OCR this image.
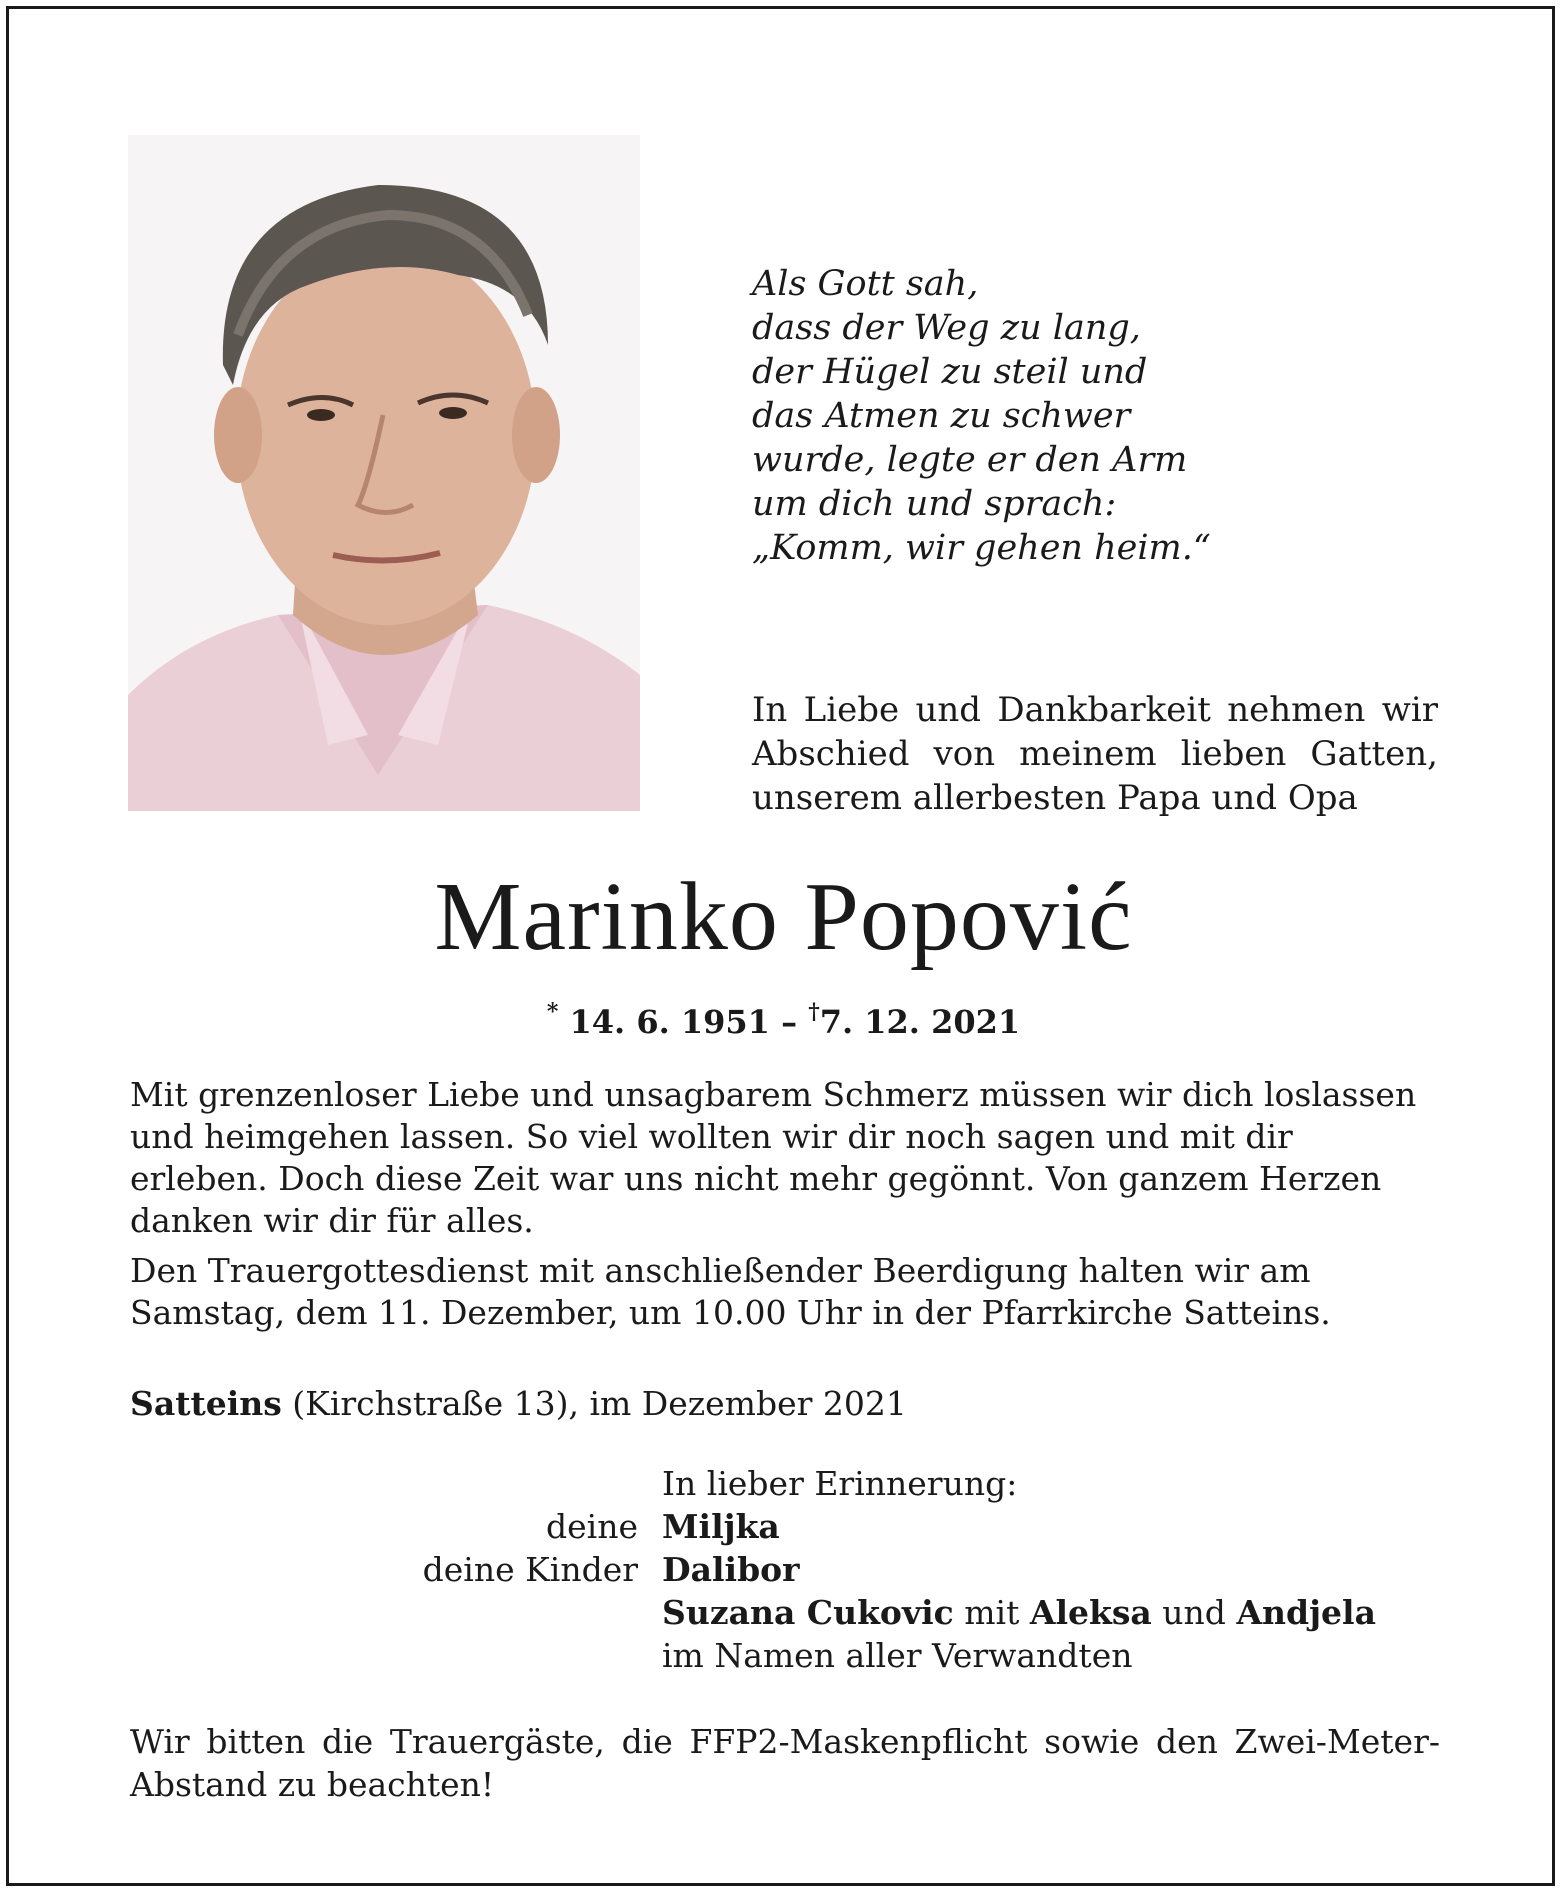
Als Gott sah,
dass der Weg zu lang,
der Hügel zu steil und
das Atmen zu schwer
wurde, legte er den Arm
um dich und sprach:
„Komm, wir gehen heim.“
In Liebe und Dankbarkeit nehmen wir
Abschied von meinem lieben Gatten,
unserem allerbesten Papa und Opa
Marinko Popović
* 14. 6. 1951 – †7. 12. 2021

Mit grenzenloser Liebe und unsagbarem Schmerz müssen wir dich loslassen und heimgehen lassen. So viel wollten wir dir noch sagen und mit dir erleben. Doch diese Zeit war uns nicht mehr gegönnt. Von ganzem Herzen danken wir dir für alles.

Den Trauergottesdienst mit anschließender Beerdigung halten wir am Samstag, dem 11. Dezember, um 10.00 Uhr in der Pfarrkirche Satteins.

Satteins (Kirchstraße 13), im Dezember 2021
In lieber Erinnerung:
deine Miljka
deine Kinder Dalibor
Suzana Cukovic mit Aleksa und Andjela
im Namen aller Verwandten
Wir bitten die Trauergäste, die FFP2-Maskenpflicht sowie den Zwei-Meter-
Abstand zu beachten!
